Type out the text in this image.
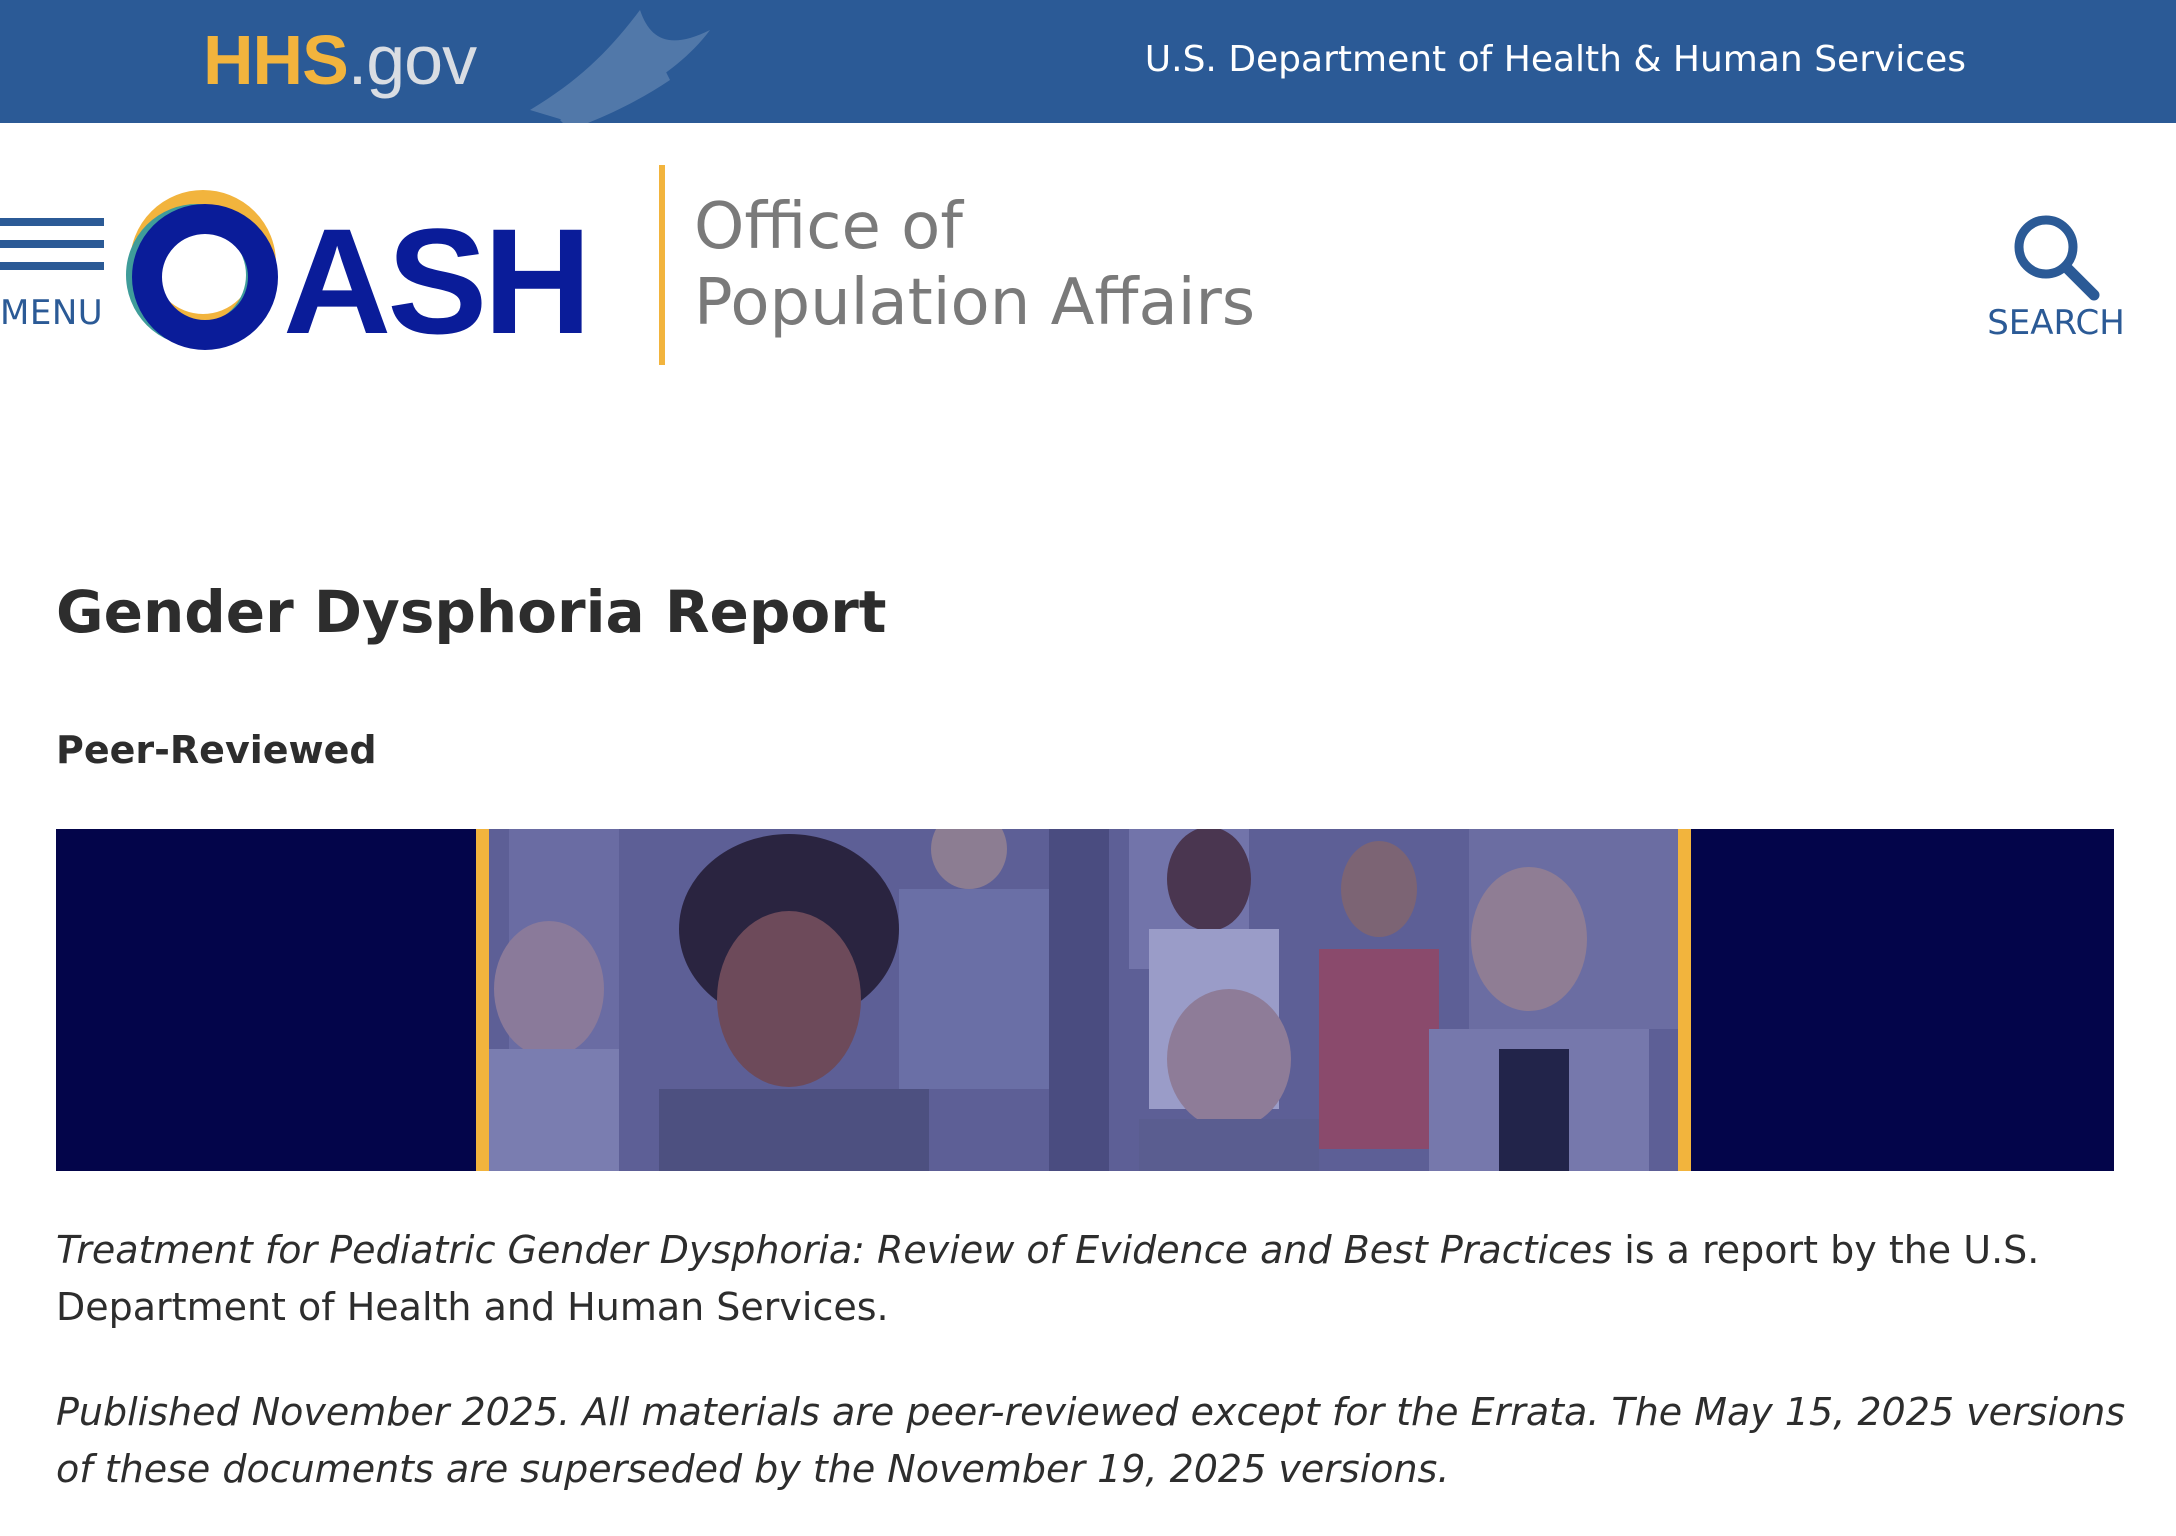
HHS.gov	U.S. Department of Health & Human Services
MENU ASH Office of
Population Affairs	SEARCH
Gender Dysphoria Report
Peer-Reviewed

Treatment for Pediatric Gender Dysphoria: Review of Evidence and Best Practices is a report by the U.S. Department of Health and Human Services.

Published November 2025. All materials are peer-reviewed except for the Errata. The May 15, 2025 versions of these documents are superseded by the November 19, 2025 versions.
